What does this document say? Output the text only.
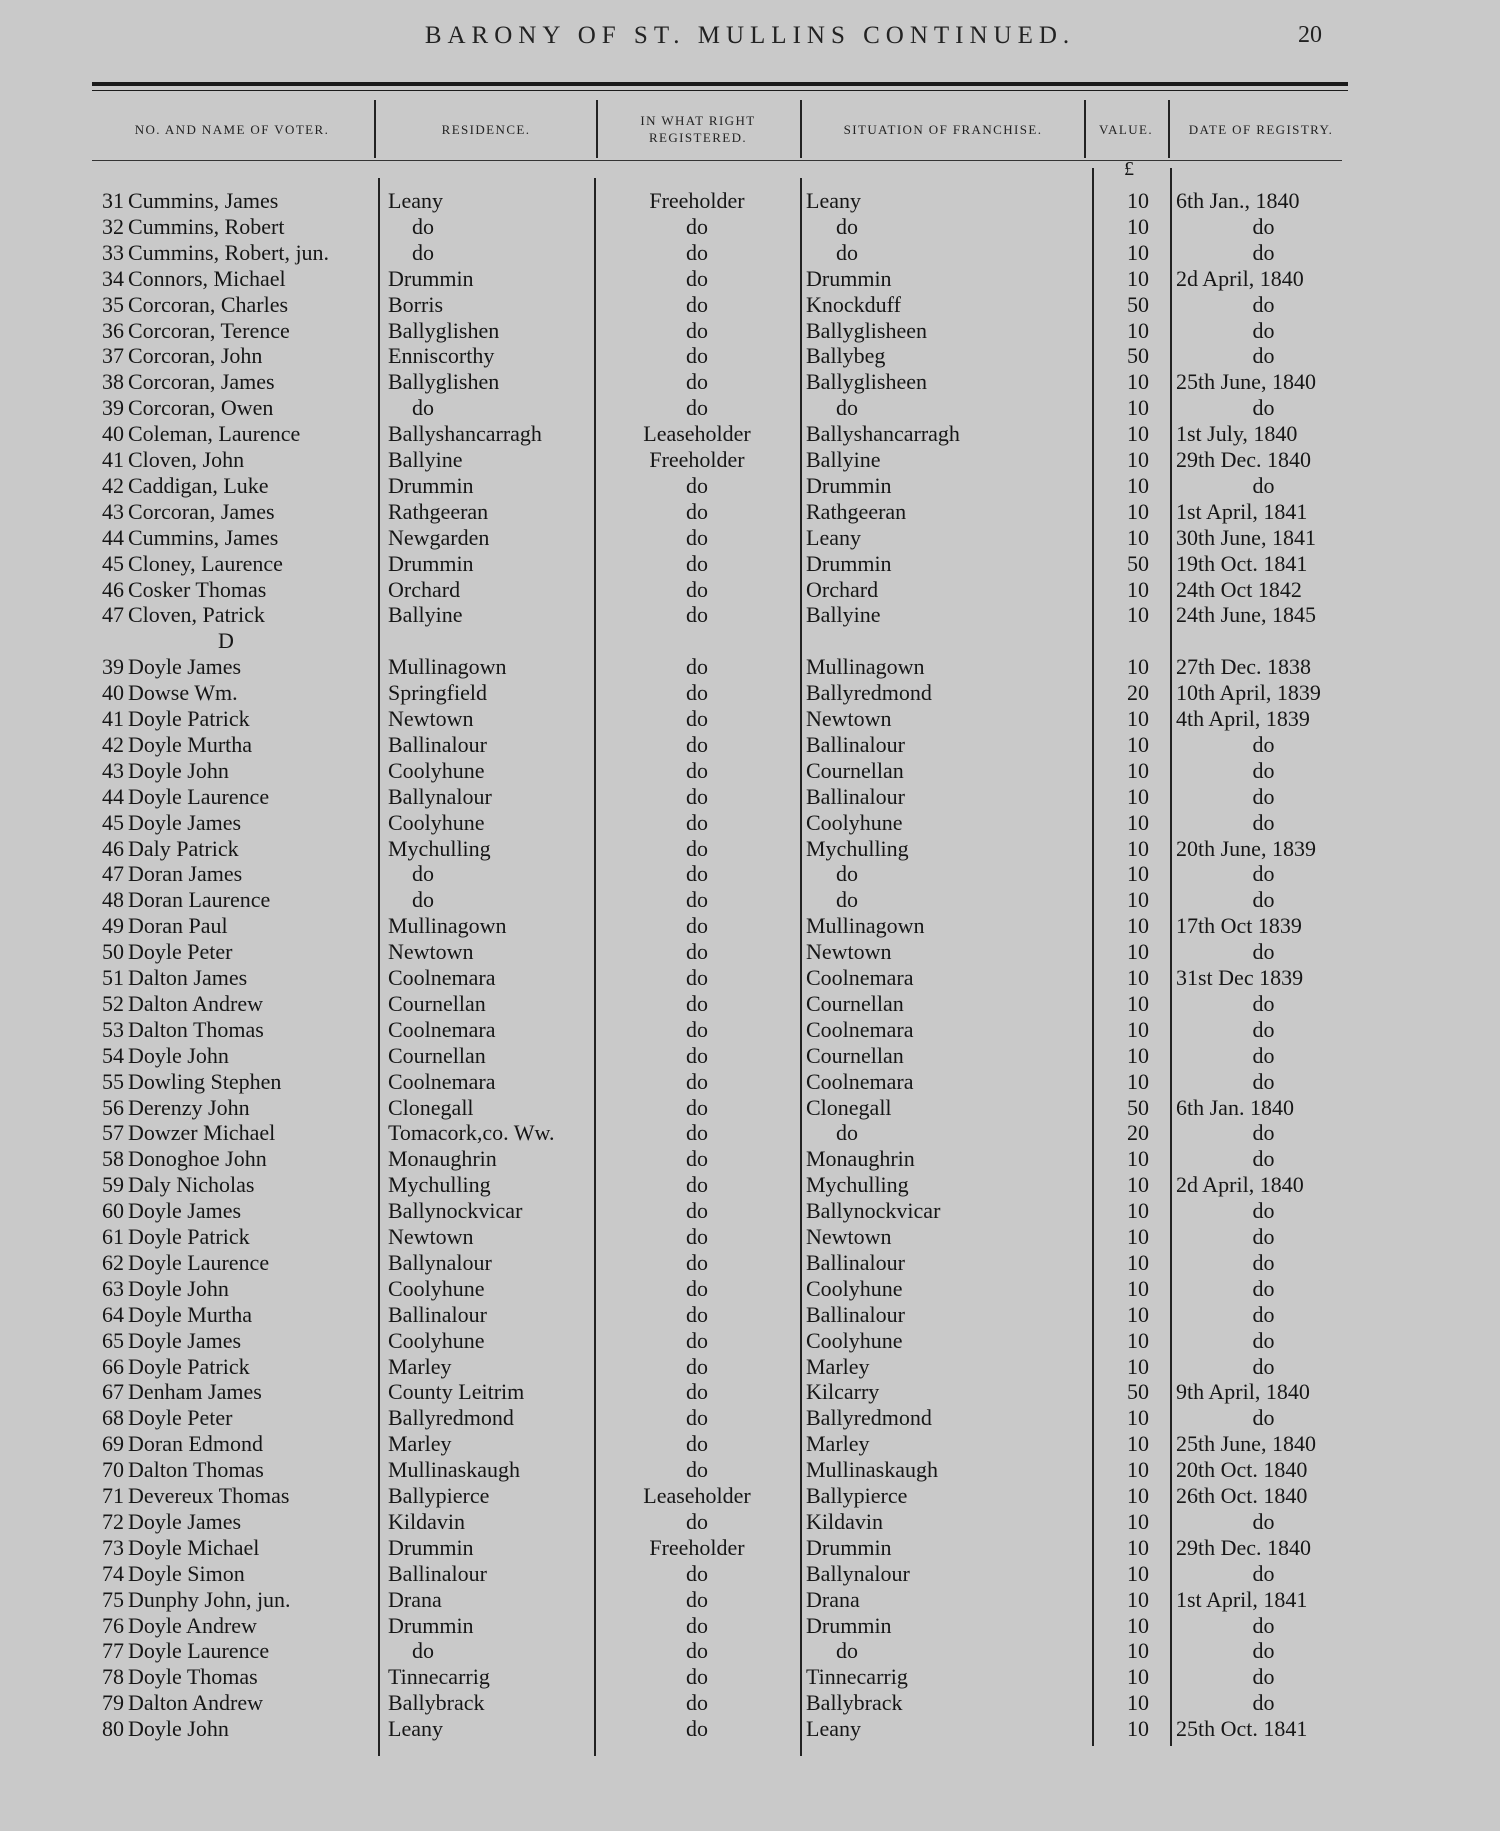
BARONY OF ST. MULLINS CONTINUED.	20
NO. AND NAME OF VOTER.	RESIDENCE.
IN WHAT RIGHT REGISTERED.
SITUATION OF FRANCHISE.	VALUE.	DATE OF REGISTRY.
£
31 Cummins, James	Leany	Freeholder	Leany	10	6th Jan., 1840
32 Cummins, Robert	do	do	do	10	do
33 Cummins, Robert, jun.	do	do	do	10	do
34 Connors, Michael	Drummin	do	Drummin	10	2d April, 1840
35 Corcoran, Charles	Borris	do	Knockduff	50	do
36 Corcoran, Terence	Ballyglishen	do	Ballyglisheen	10	do
37 Corcoran, John	Enniscorthy	do	Ballybeg	50	do
38 Corcoran, James	Ballyglishen	do	Ballyglisheen	10	25th June, 1840
39 Corcoran, Owen	do	do	do	10	do
40 Coleman, Laurence	Ballyshancarragh	Leaseholder	Ballyshancarragh	10	1st July, 1840
41 Cloven, John	Ballyine	Freeholder	Ballyine	10	29th Dec. 1840
42 Caddigan, Luke	Drummin	do	Drummin	10	do
43 Corcoran, James	Rathgeeran	do	Rathgeeran	10	1st April, 1841
44 Cummins, James	Newgarden	do	Leany	10	30th June, 1841
45 Cloney, Laurence	Drummin	do	Drummin	50	19th Oct. 1841
46 Cosker Thomas	Orchard	do	Orchard	10	24th Oct 1842
47 Cloven, Patrick	Ballyine	do	Ballyine	10	24th June, 1845
D
39 Doyle James	Mullinagown	do	Mullinagown	10	27th Dec. 1838
40 Dowse Wm.	Springfield	do	Ballyredmond	20	10th April, 1839
41 Doyle Patrick	Newtown	do	Newtown	10	4th April, 1839
42 Doyle Murtha	Ballinalour	do	Ballinalour	10	do
43 Doyle John	Coolyhune	do	Cournellan	10	do
44 Doyle Laurence	Ballynalour	do	Ballinalour	10	do
45 Doyle James	Coolyhune	do	Coolyhune	10	do
46 Daly Patrick	Mychulling	do	Mychulling	10	20th June, 1839
47 Doran James	do	do	do	10	do
48 Doran Laurence	do	do	do	10	do
49 Doran Paul	Mullinagown	do	Mullinagown	10	17th Oct 1839
50 Doyle Peter	Newtown	do	Newtown	10	do
51 Dalton James	Coolnemara	do	Coolnemara	10	31st Dec 1839
52 Dalton Andrew	Cournellan	do	Cournellan	10	do
53 Dalton Thomas	Coolnemara	do	Coolnemara	10	do
54 Doyle John	Cournellan	do	Cournellan	10	do
55 Dowling Stephen	Coolnemara	do	Coolnemara	10	do
56 Derenzy John	Clonegall	do	Clonegall	50	6th Jan. 1840
57 Dowzer Michael	Tomacork,co. Ww.	do	do	20	do
58 Donoghoe John	Monaughrin	do	Monaughrin	10	do
59 Daly Nicholas	Mychulling	do	Mychulling	10	2d April, 1840
60 Doyle James	Ballynockvicar	do	Ballynockvicar	10	do
61 Doyle Patrick	Newtown	do	Newtown	10	do
62 Doyle Laurence	Ballynalour	do	Ballinalour	10	do
63 Doyle John	Coolyhune	do	Coolyhune	10	do
64 Doyle Murtha	Ballinalour	do	Ballinalour	10	do
65 Doyle James	Coolyhune	do	Coolyhune	10	do
66 Doyle Patrick	Marley	do	Marley	10	do
67 Denham James	County Leitrim	do	Kilcarry	50	9th April, 1840
68 Doyle Peter	Ballyredmond	do	Ballyredmond	10	do
69 Doran Edmond	Marley	do	Marley	10	25th June, 1840
70 Dalton Thomas	Mullinaskaugh	do	Mullinaskaugh	10	20th Oct. 1840
71 Devereux Thomas	Ballypierce	Leaseholder	Ballypierce	10	26th Oct. 1840
72 Doyle James	Kildavin	do	Kildavin	10	do
73 Doyle Michael	Drummin	Freeholder	Drummin	10	29th Dec. 1840
74 Doyle Simon	Ballinalour	do	Ballynalour	10	do
75 Dunphy John, jun.	Drana	do	Drana	10	1st April, 1841
76 Doyle Andrew	Drummin	do	Drummin	10	do
77 Doyle Laurence	do	do	do	10	do
78 Doyle Thomas	Tinnecarrig	do	Tinnecarrig	10	do
79 Dalton Andrew	Ballybrack	do	Ballybrack	10	do
80 Doyle John	Leany	do	Leany	10	25th Oct. 1841
